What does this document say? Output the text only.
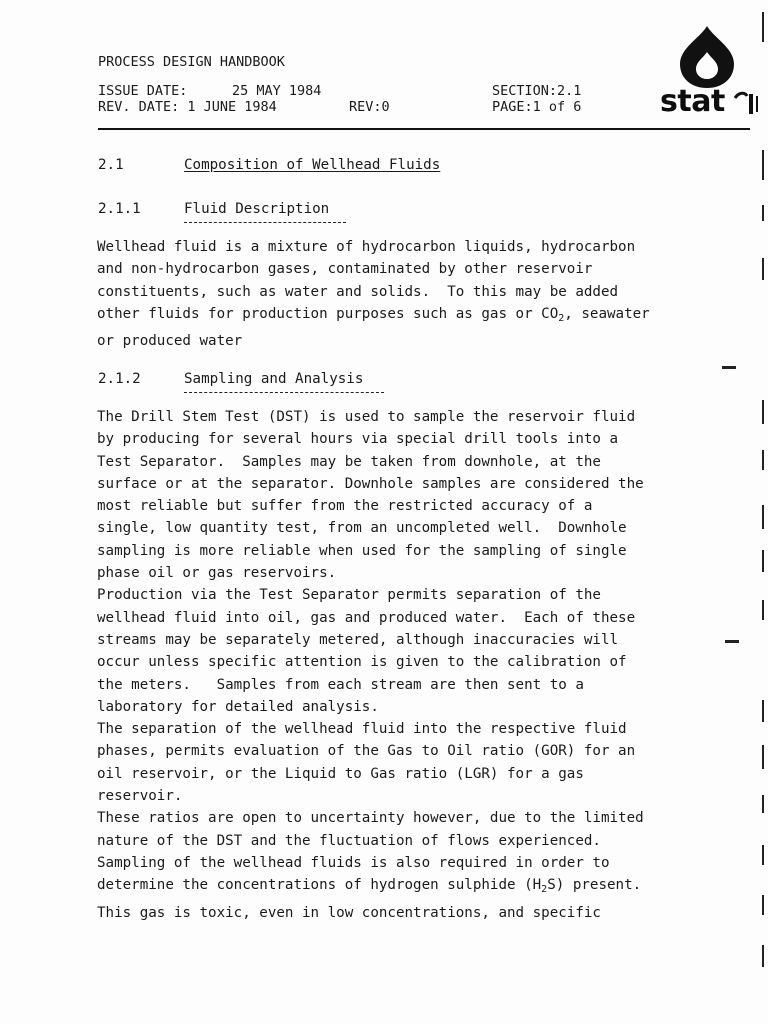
PROCESS DESIGN HANDBOOK
ISSUE DATE:	25 MAY 1984
REV. DATE: 1 JUNE 1984	REV:0
SECTION:2.1
PAGE:1 of 6	stat
2.1	Composition of Wellhead Fluids
2.1.1	Fluid Description
Wellhead fluid is a mixture of hydrocarbon liquids, hydrocarbon
and non-hydrocarbon gases, contaminated by other reservoir
constituents, such as water and solids.  To this may be added
other fluids for production purposes such as gas or $CO_2$, seawater
or produced water
2.1.2	Sampling and Analysis
The Drill Stem Test (DST) is used to sample the reservoir fluid
by producing for several hours via special drill tools into a
Test Separator.  Samples may be taken from downhole, at the
surface or at the separator. Downhole samples are considered the
most reliable but suffer from the restricted accuracy of a
single, low quantity test, from an uncompleted well.  Downhole
sampling is more reliable when used for the sampling of single
phase oil or gas reservoirs.
Production via the Test Separator permits separation of the
wellhead fluid into oil, gas and produced water.  Each of these
streams may be separately metered, although inaccuracies will
occur unless specific attention is given to the calibration of
the meters.   Samples from each stream are then sent to a
laboratory for detailed analysis.
The separation of the wellhead fluid into the respective fluid
phases, permits evaluation of the Gas to Oil ratio (GOR) for an
oil reservoir, or the Liquid to Gas ratio (LGR) for a gas
reservoir.
These ratios are open to uncertainty however, due to the limited
nature of the DST and the fluctuation of flows experienced.
Sampling of the wellhead fluids is also required in order to
determine the concentrations of hydrogen sulphide $(H_2S)$ present.
This gas is toxic, even in low concentrations, and specific
